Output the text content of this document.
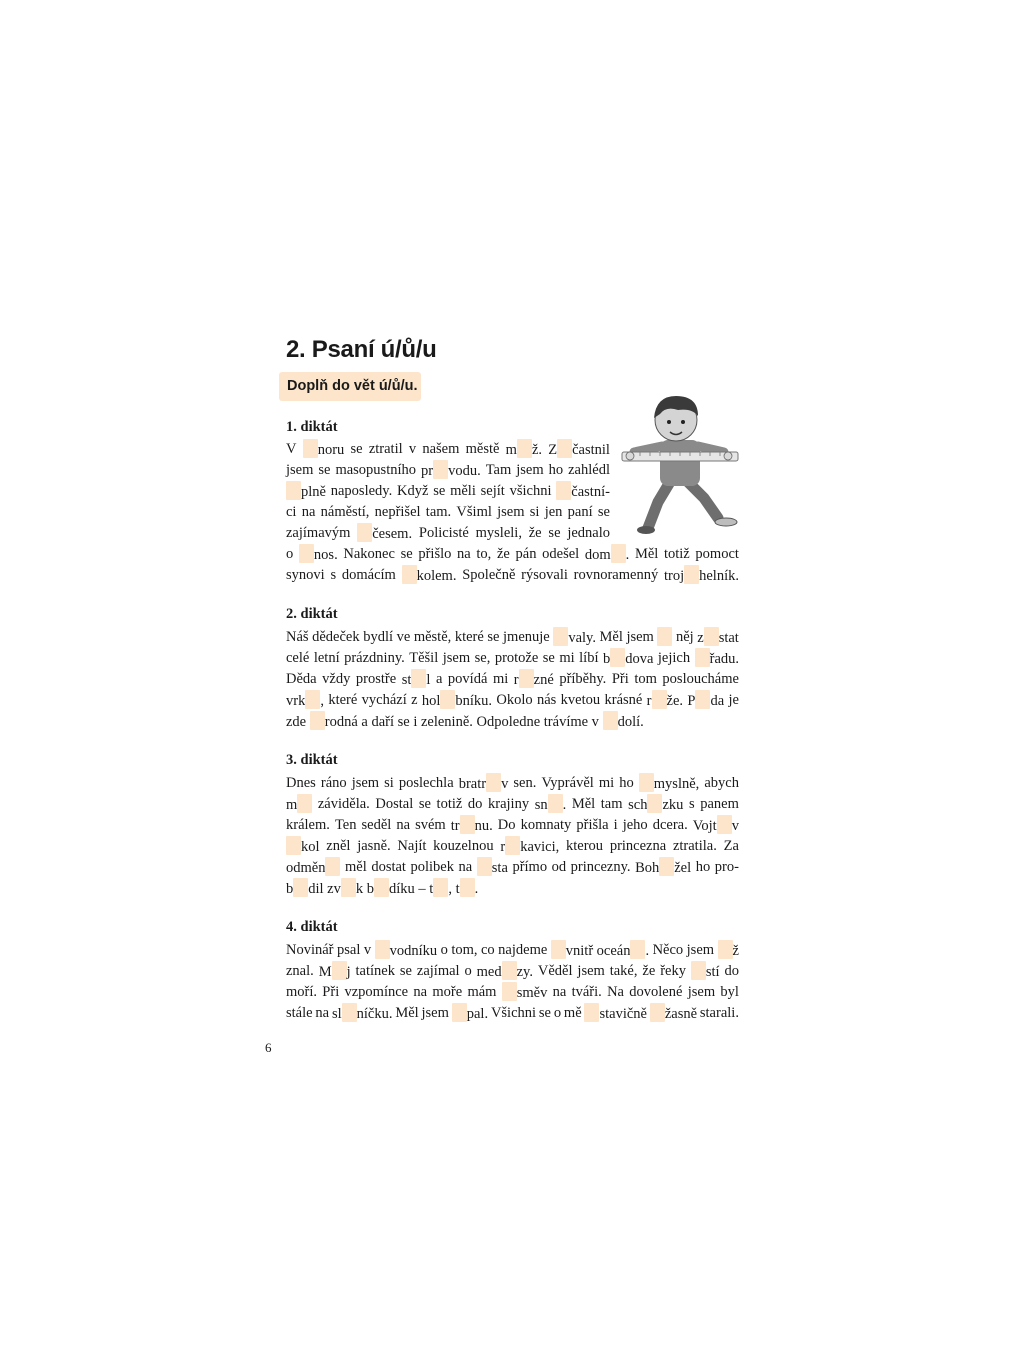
2. Psaní ú/ů/u
Doplň do vět ú/ů/u.
1. diktát
V	noru se ztratil v našem městě m ž. Z častnil
jsem se masopustního pr vodu. Tam jsem ho zahlédl
plně naposledy. Když se měli sejít všichni	častní-
ci na náměstí, nepřišel tam. Všiml jsem si jen paní se
zajímavým	česem. Policisté mysleli, že se jednalo
o	nos. Nakonec se přišlo na to, že pán odešel dom . Měl totiž pomoct
synovi s domácím	kolem. Společně rýsovali rovnoramenný troj helník.
2. diktát
Náš dědeček bydlí ve městě, které se jmenuje	valy. Měl jsem něj z stat
celé letní prázdniny. Těšil jsem se, protože se mi líbí b dova jejich	řadu.
Děda vždy prostře st l a povídá mi r zné příběhy. Při tom posloucháme
vrk , které vychází z hol bníku. Okolo nás kvetou krásné r že. P da je
zde rodná a daří se i zelenině. Odpoledne trávíme v dolí.
3. diktát
Dnes ráno jsem si poslechla bratr v sen. Vyprávěl mi ho	myslně, abych
m	záviděla. Dostal se totiž do krajiny sn . Měl tam sch zku s panem
králem. Ten seděl na svém tr nu. Do komnaty přišla i jeho dcera. Vojt v
kol zněl jasně. Najít kouzelnou r kavici, kterou princezna ztratila. Za
odměn	měl dostat polibek na	sta přímo od princezny. Boh žel ho pro-
b dil zv k b díku – t , t .
4. diktát
Novinář psal v	vodníku o tom, co najdeme	vnitř oceán . Něco jsem	ž
znal. M j tatínek se zajímal o med zy. Věděl jsem také, že řeky	stí do
moří. Při vzpomínce na moře mám	směv na tváři. Na dovolené jsem byl
stále na sl níčku. Měl jsem	pal. Všichni se o mě	stavičně	žasně starali.
6
